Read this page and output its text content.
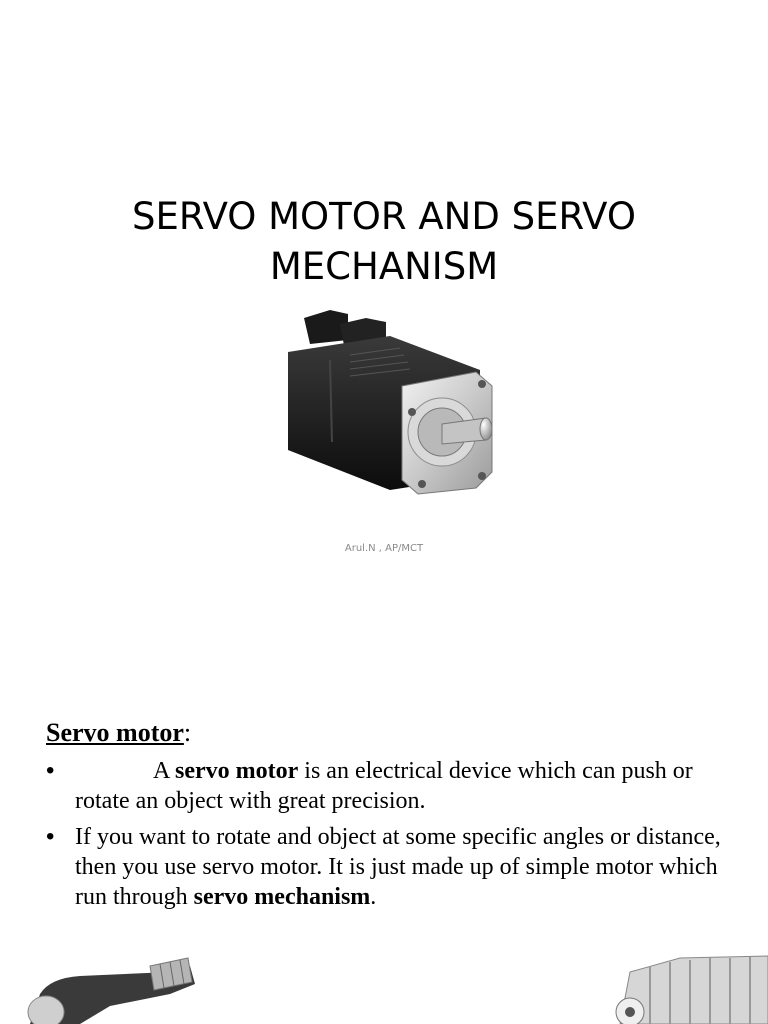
SERVO MOTOR AND SERVO
MECHANISM
Arul.N , AP/MCT
Servo motor:
•	A servo motor is an electrical device which can push or rotate an object with great precision.
• If you want to rotate and object at some specific angles or distance, then you use servo motor. It is just made up of simple motor which run through servo mechanism.
